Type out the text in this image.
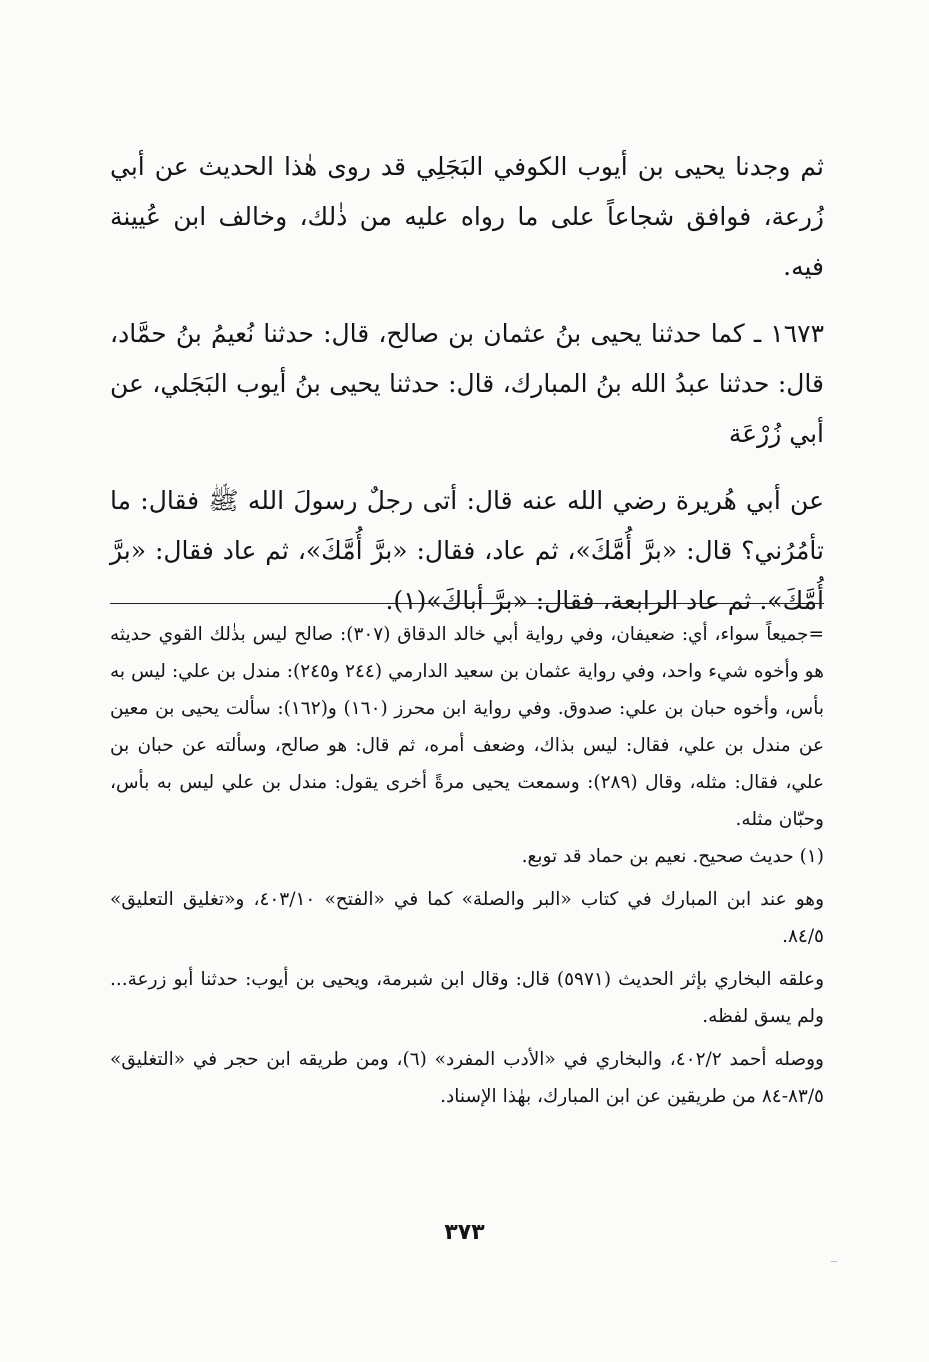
ثم وجدنا يحيى بن أيوب الكوفي البَجَلِي قد روى هٰذا الحديث عن أبي زُرعة، فوافق شجاعاً على ما رواه عليه من ذٰلك، وخالف ابن عُيينة فيه.

١٦٧٣ ـ كما حدثنا يحيى بنُ عثمان بن صالح، قال: حدثنا نُعيمُ بنُ حمَّاد، قال: حدثنا عبدُ الله بنُ المبارك، قال: حدثنا يحيى بنُ أيوب البَجَلي، عن أبي زُرْعَة

عن أبي هُريرة رضي الله عنه قال: أتى رجلٌ رسولَ الله ﷺ فقال: ما تأمُرُني؟ قال: «برَّ أُمَّكَ»، ثم عاد، فقال: «برَّ أُمَّكَ»، ثم عاد فقال: «برَّ أُمَّكَ». ثم عاد الرابعة، فقال: «برَّ أباكَ»(١).

=جميعاً سواء، أي: ضعيفان، وفي رواية أبي خالد الدقاق (٣٠٧): صالح ليس بذٰلك القوي حديثه هو وأخوه شيء واحد، وفي رواية عثمان بن سعيد الدارمي (٢٤٤ و٢٤٥): مندل بن علي: ليس به بأس، وأخوه حبان بن علي: صدوق. وفي رواية ابن محرز (١٦٠) و(١٦٢): سألت يحيى بن معين عن مندل بن علي، فقال: ليس بذاك، وضعف أمره، ثم قال: هو صالح، وسألته عن حبان بن علي، فقال: مثله، وقال (٢٨٩): وسمعت يحيى مرةً أخرى يقول: مندل بن علي ليس به بأس، وحبّان مثله.

(١) حديث صحيح. نعيم بن حماد قد توبع.

وهو عند ابن المبارك في كتاب «البر والصلة» كما في «الفتح» ٤٠٣/١٠، و«تغليق التعليق» ٨٤/٥.

وعلقه البخاري بإثر الحديث (٥٩٧١) قال: وقال ابن شبرمة، ويحيى بن أيوب: حدثنا أبو زرعة... ولم يسق لفظه.

ووصله أحمد ٤٠٢/٢، والبخاري في «الأدب المفرد» (٦)، ومن طريقه ابن حجر في «التغليق» ٨٣/٥-٨٤ من طريقين عن ابن المبارك، بهٰذا الإسناد.

٣٧٣
